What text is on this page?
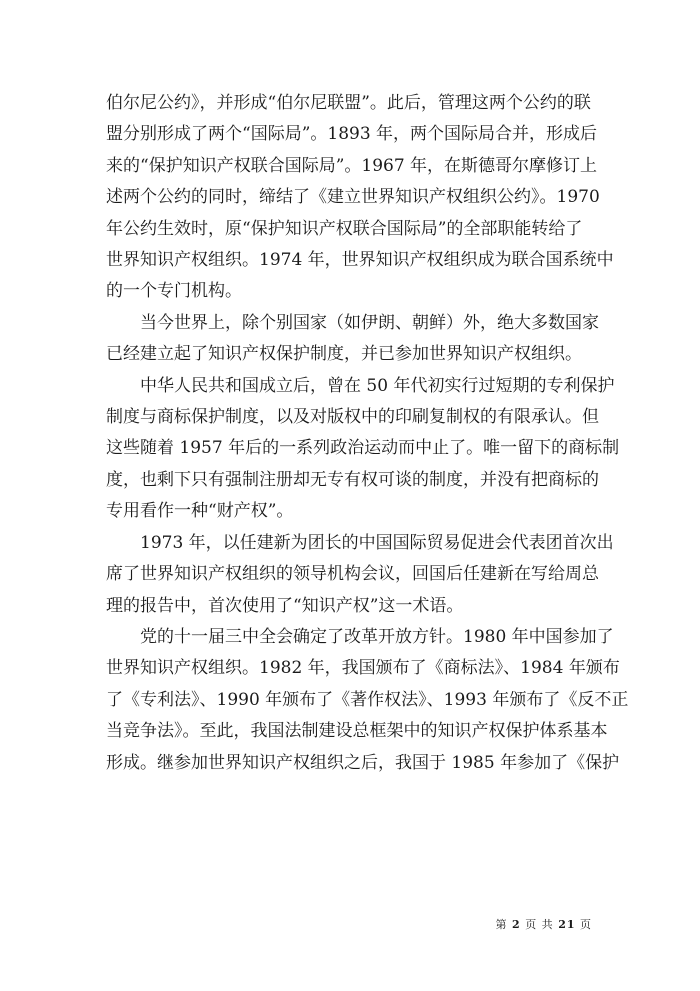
伯尔尼公约》，并形成“伯尔尼联盟”。此后，管理这两个公约的联
盟分别形成了两个“国际局”。1893 年，两个国际局合并，形成后
来的“保护知识产权联合国际局”。1967 年，在斯德哥尔摩修订上
述两个公约的同时，缔结了《建立世界知识产权组织公约》。1970
年公约生效时，原“保护知识产权联合国际局”的全部职能转给了
世界知识产权组织。1974 年，世界知识产权组织成为联合国系统中
的一个专门机构。

当今世界上，除个别国家（如伊朗、朝鲜）外，绝大多数国家
已经建立起了知识产权保护制度，并已参加世界知识产权组织。

中华人民共和国成立后，曾在 50 年代初实行过短期的专利保护
制度与商标保护制度，以及对版权中的印刷复制权的有限承认。但
这些随着 1957 年后的一系列政治运动而中止了。唯一留下的商标制
度，也剩下只有强制注册却无专有权可谈的制度，并没有把商标的
专用看作一种“财产权”。

1973 年，以任建新为团长的中国国际贸易促进会代表团首次出
席了世界知识产权组织的领导机构会议，回国后任建新在写给周总
理的报告中，首次使用了“知识产权”这一术语。

党的十一届三中全会确定了改革开放方针。1980 年中国参加了
世界知识产权组织。1982 年，我国颁布了《商标法》、1984 年颁布
了《专利法》、1990 年颁布了《著作权法》、1993 年颁布了《反不正
当竞争法》。至此，我国法制建设总框架中的知识产权保护体系基本
形成。继参加世界知识产权组织之后，我国于 1985 年参加了《保护

第 2 页 共 21 页
